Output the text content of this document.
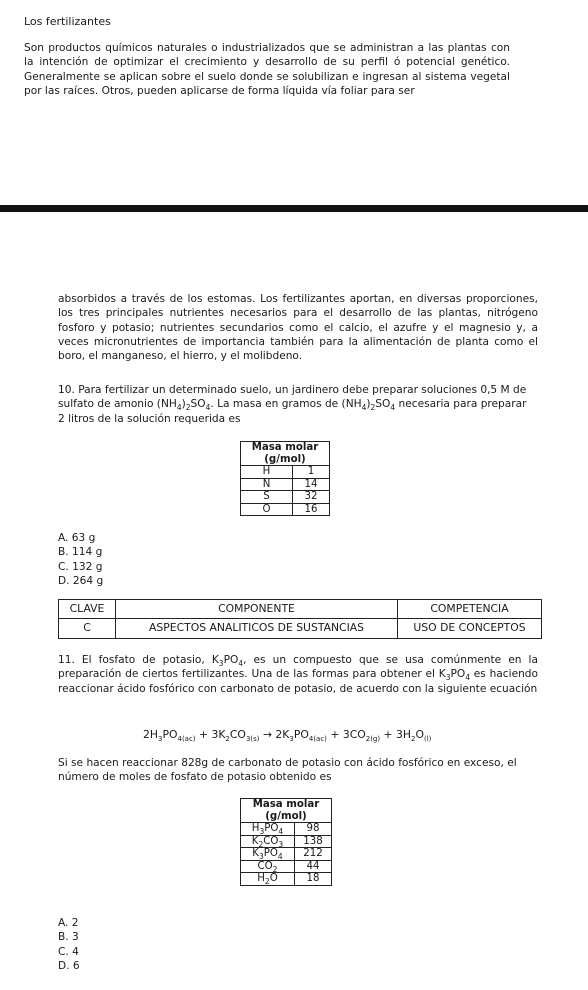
Los fertilizantes
Son productos químicos naturales o industrializados que se administran a las plantas con la intención de optimizar el crecimiento y desarrollo de su perfil ó potencial genético. Generalmente se aplican sobre el suelo donde se solubilizan e ingresan al sistema vegetal por las raíces. Otros, pueden aplicarse de forma líquida vía foliar para ser
absorbidos a través de los estomas. Los fertilizantes aportan, en diversas proporciones, los tres principales nutrientes necesarios para el desarrollo de las plantas, nitrógeno fosforo y potasio; nutrientes secundarios como el calcio, el azufre y el magnesio y, a veces micronutrientes de importancia también para la alimentación de planta como el boro, el manganeso, el hierro, y el molibdeno.
10. Para fertilizar un determinado suelo, un jardinero debe preparar soluciones 0,5 M de sulfato de amonio $(NH_4)_2SO_4$. La masa en gramos de $(NH_4)_2SO_4$ necesaria para preparar 2 litros de la solución requerida es
Masa molar (g/mol)	
H	1
N	14
S	32
O	16
A. 63 g
B. 114 g
C. 132 g
D. 264 g
CLAVE	COMPONENTE	COMPETENCIA
C	ASPECTOS ANALITICOS DE SUSTANCIAS	USO DE CONCEPTOS
11. El fosfato de potasio, $K_3PO_4$, es un compuesto que se usa comúnmente en la preparación de ciertos fertilizantes. Una de las formas para obtener el $K_3PO_4$ es haciendo reaccionar ácido fosfórico con carbonato de potasio, de acuerdo con la siguiente ecuación
$2H_3PO_{4(ac)} + 3K_2CO_{3(s)} \to 2K_3PO_{4(ac)} + 3CO_{2(g)} + 3H_2O_{(l)}$
Si se hacen reaccionar 828g de carbonato de potasio con ácido fosfórico en exceso, el número de moles de fosfato de potasio obtenido es
Masa molar (g/mol)	
$H_3PO_4$	98
$K_2CO_3$	138
$K_3PO_4$	212
$CO_2$	44
$H_2O$	18
A. 2
B. 3
C. 4
D. 6
